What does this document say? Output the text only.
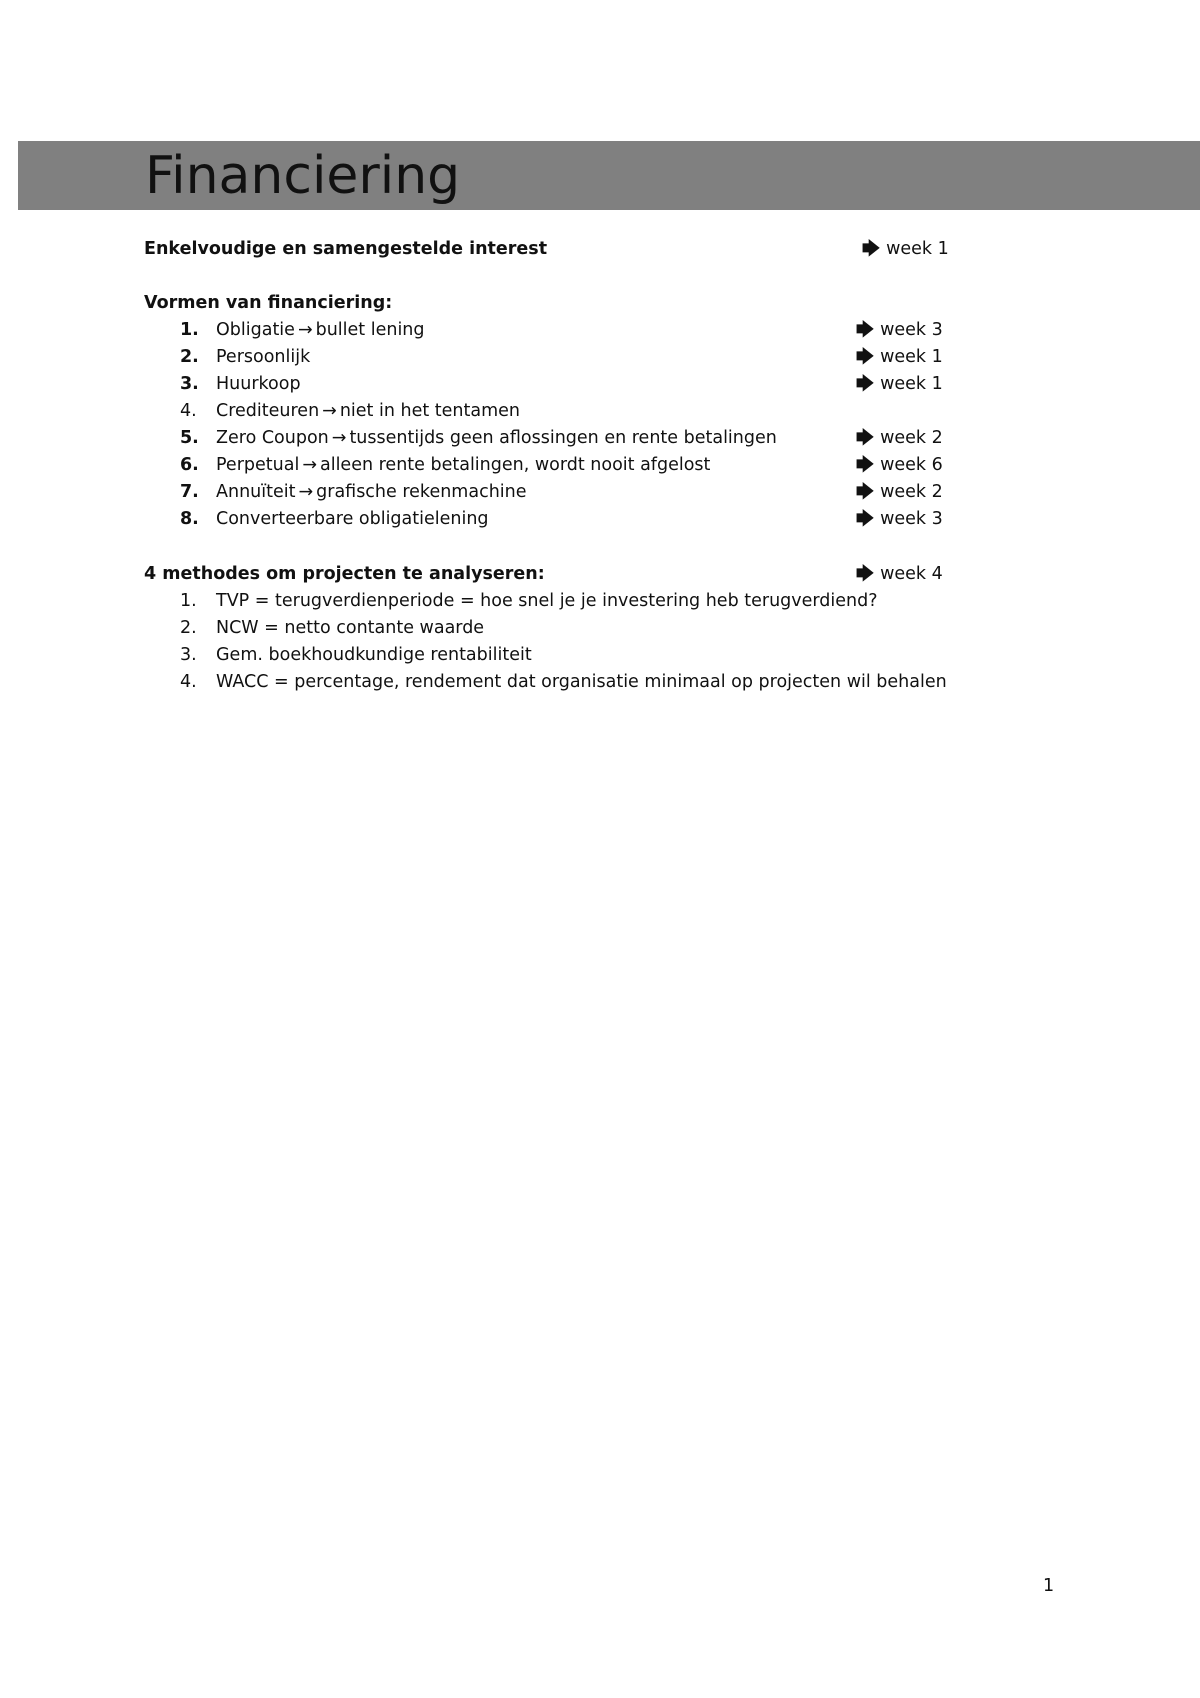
Financiering
Enkelvoudige en samengestelde interest	🡆 week 1
Vormen van financiering:
1. Obligatie → bullet lening	🡆 week 3
2. Persoonlijk	🡆 week 1
3. Huurkoop	🡆 week 1
4. Crediteuren → niet in het tentamen
5. Zero Coupon → tussentijds geen aflossingen en rente betalingen	🡆 week 2
6. Perpetual → alleen rente betalingen, wordt nooit afgelost	🡆 week 6
7. Annuïteit → grafische rekenmachine	🡆 week 2
8. Converteerbare obligatielening	🡆 week 3
4 methodes om projecten te analyseren:	🡆 week 4
1. TVP = terugverdienperiode = hoe snel je je investering heb terugverdiend?
2. NCW = netto contante waarde
3. Gem. boekhoudkundige rentabiliteit
4. WACC = percentage, rendement dat organisatie minimaal op projecten wil behalen
1
